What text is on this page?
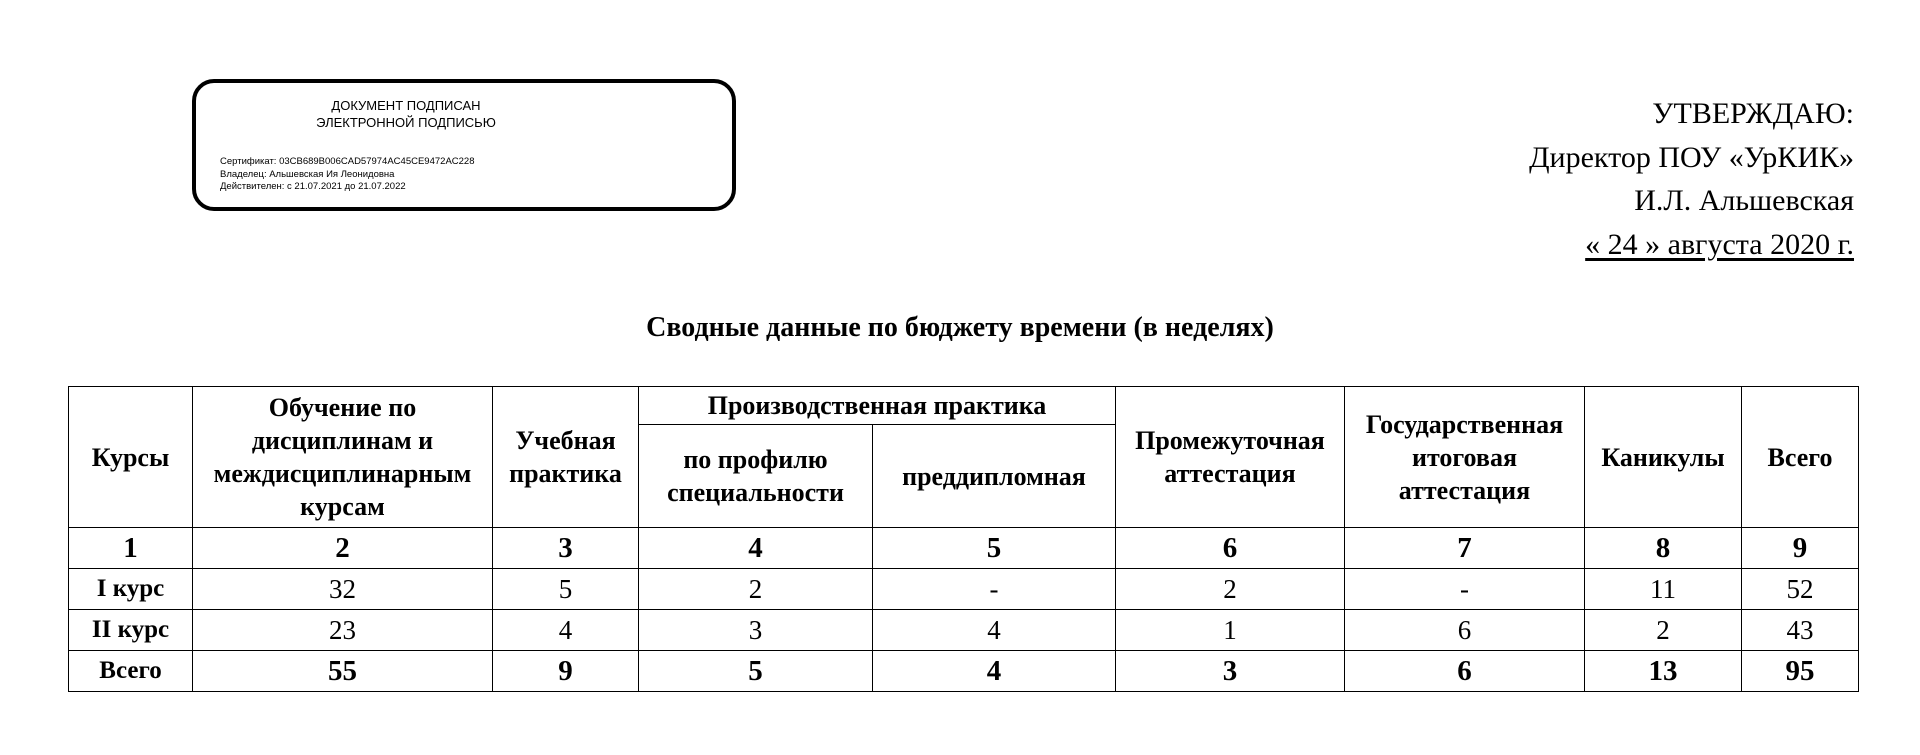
ДОКУМЕНТ ПОДПИСАН
ЭЛЕКТРОННОЙ ПОДПИСЬЮ
Сертификат: 03CB689B006CAD57974AC45CE9472AC228
Владелец: Альшевская Ия Леонидовна
Действителен: с 21.07.2021 до 21.07.2022
УТВЕРЖДАЮ:
Директор ПОУ «УрКИК»
И.Л. Альшевская
« 24 » августа 2020 г.
Сводные данные по бюджету времени (в неделях)
Курсы	Обучение по дисциплинам и междисциплинарным курсам	Учебная практика	Производственная практика		Промежуточная аттестация	Государственная итоговая аттестация	Каникулы	Всего
			по профилю специальности	преддипломная				
1	2	3	4	5	6	7	8	9
I курс	32	5	2	-	2	-	11	52
II курс	23	4	3	4	1	6	2	43
Всего	55	9	5	4	3	6	13	95
